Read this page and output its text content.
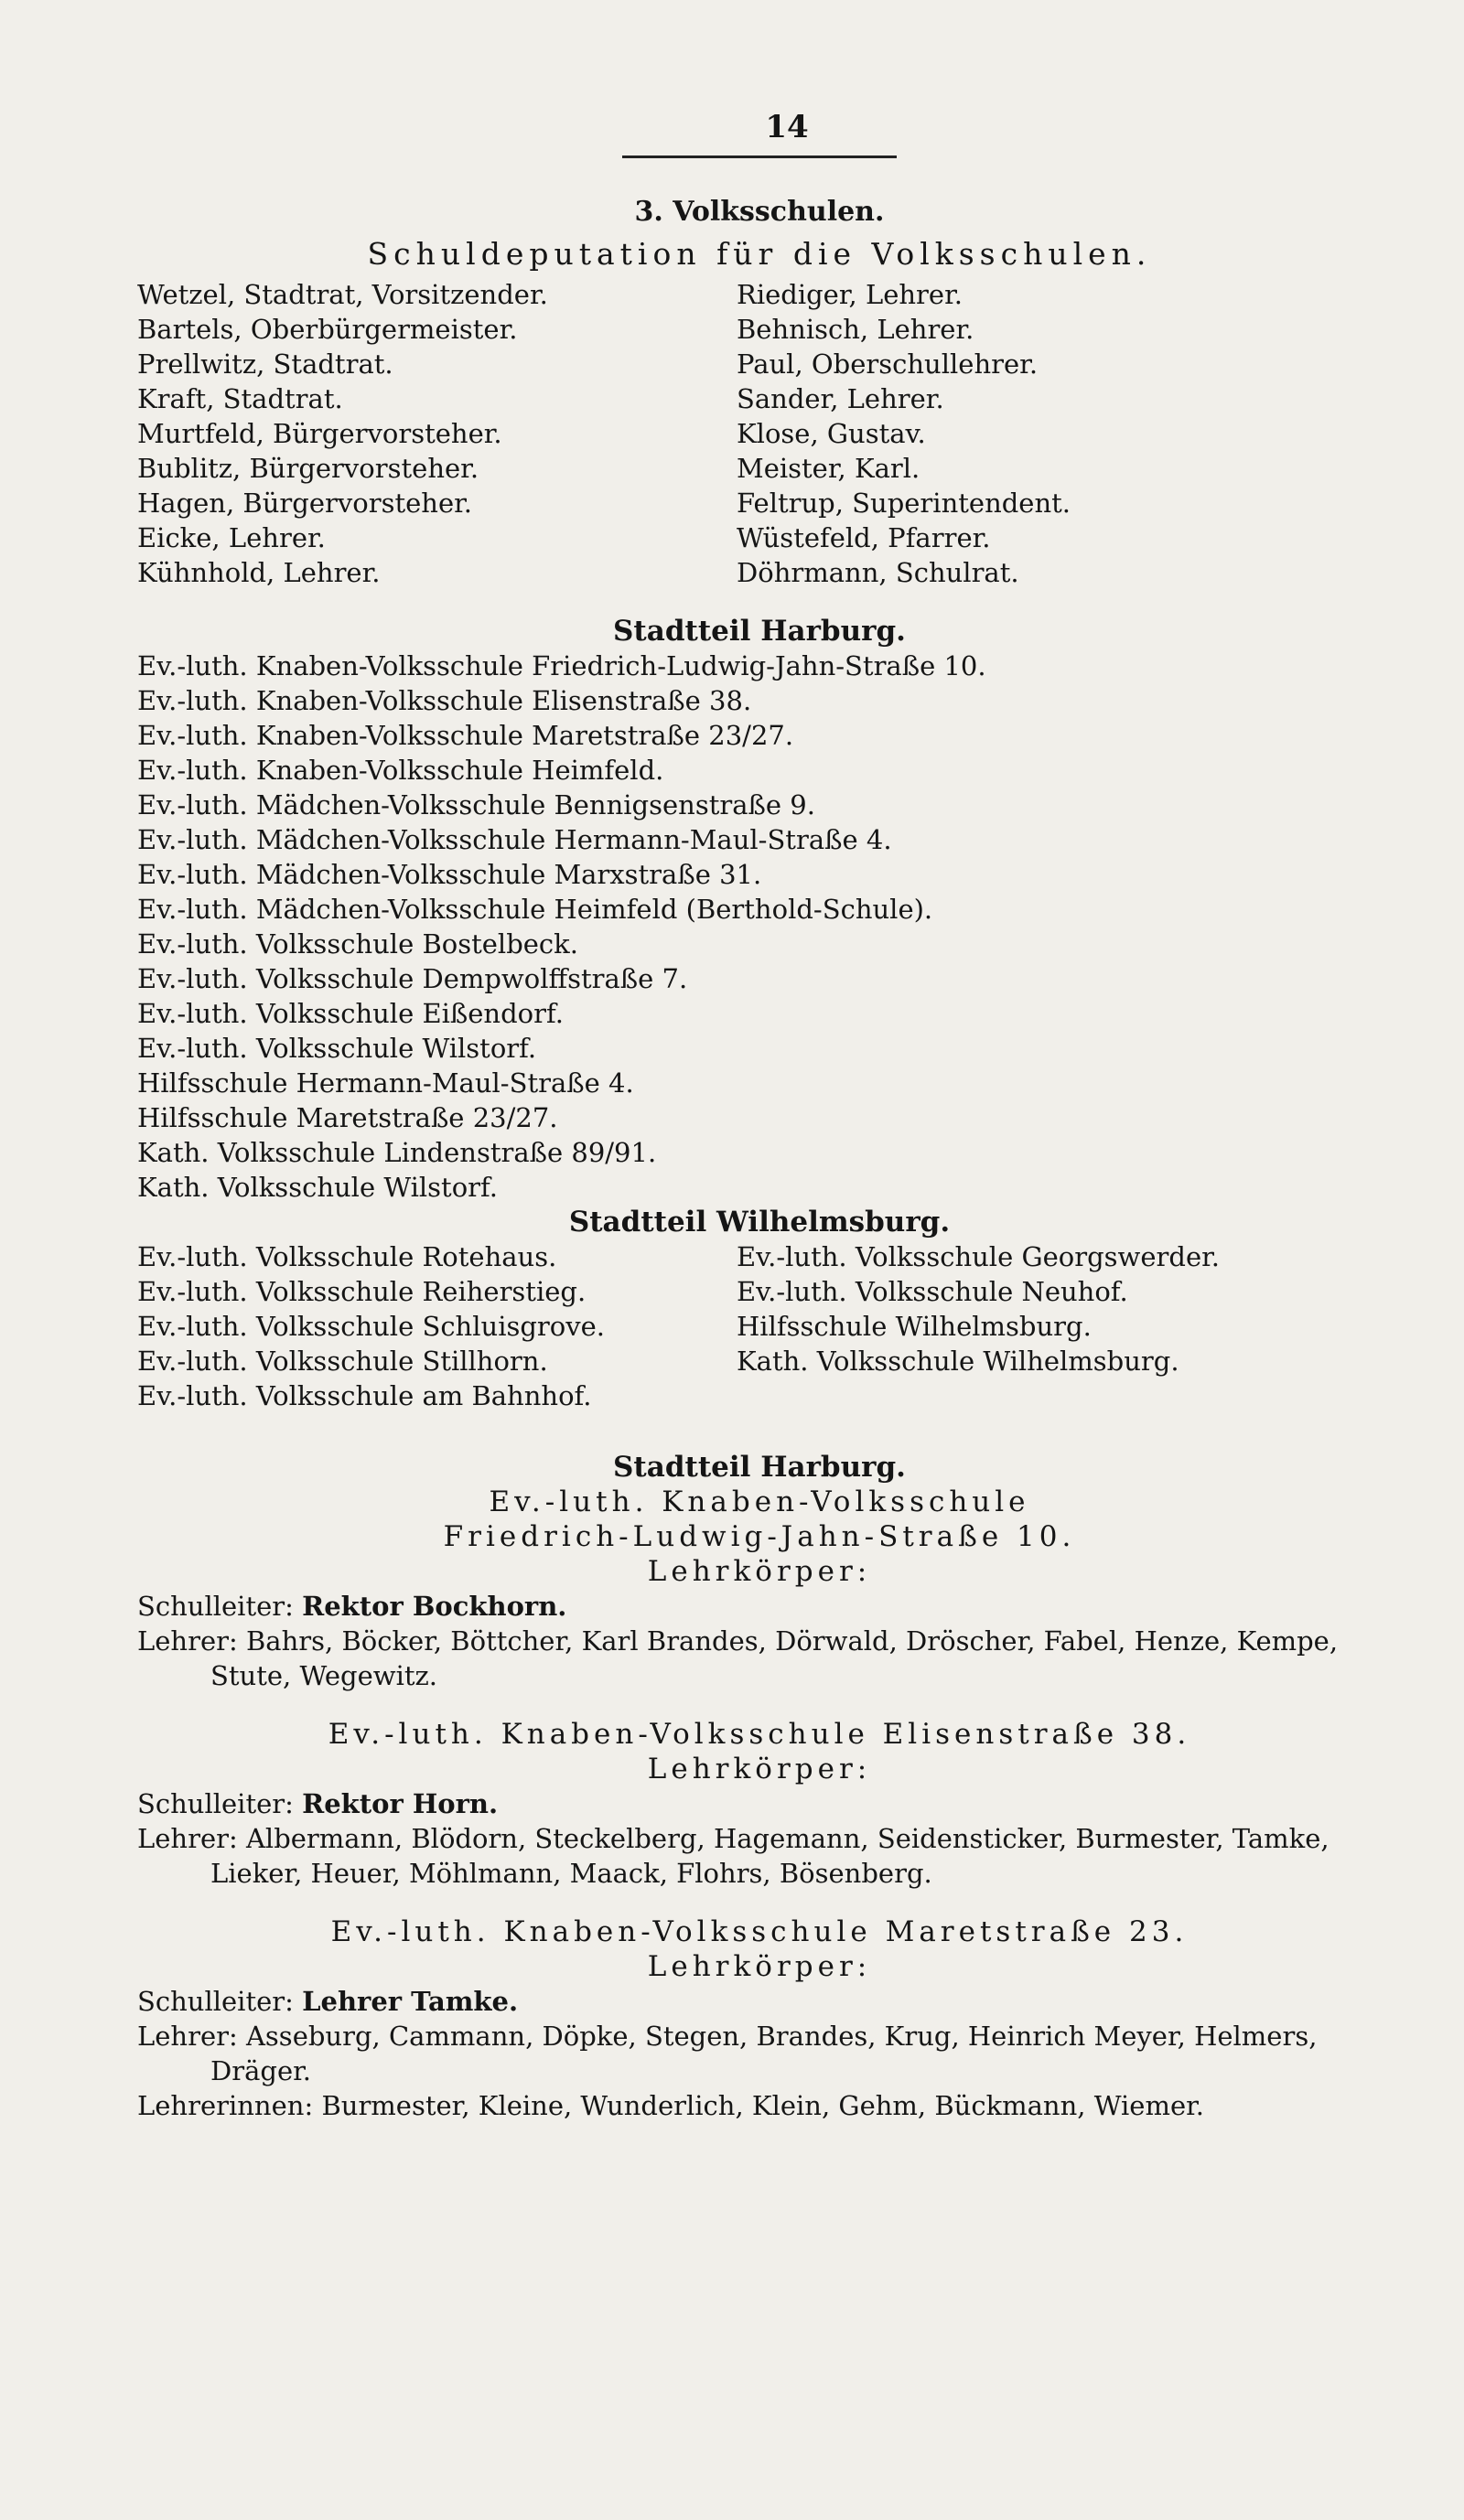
14

3. Volksschulen.

Schuldeputation für die Volksschulen.

Wetzel, Stadtrat, Vorsitzender.	Riediger, Lehrer.
Bartels, Oberbürgermeister.	Behnisch, Lehrer.
Prellwitz, Stadtrat.	Paul, Oberschullehrer.
Kraft, Stadtrat.	Sander, Lehrer.
Murtfeld, Bürgervorsteher.	Klose, Gustav.
Bublitz, Bürgervorsteher.	Meister, Karl.
Hagen, Bürgervorsteher.	Feltrup, Superintendent.
Eicke, Lehrer.	Wüstefeld, Pfarrer.
Kühnhold, Lehrer.	Döhrmann, Schulrat.

Stadtteil Harburg.

Ev.-luth. Knaben-Volksschule Friedrich-Ludwig-Jahn-Straße 10.
Ev.-luth. Knaben-Volksschule Elisenstraße 38.
Ev.-luth. Knaben-Volksschule Maretstraße 23/27.
Ev.-luth. Knaben-Volksschule Heimfeld.
Ev.-luth. Mädchen-Volksschule Bennigsenstraße 9.
Ev.-luth. Mädchen-Volksschule Hermann-Maul-Straße 4.
Ev.-luth. Mädchen-Volksschule Marxstraße 31.
Ev.-luth. Mädchen-Volksschule Heimfeld (Berthold-Schule).
Ev.-luth. Volksschule Bostelbeck.
Ev.-luth. Volksschule Dempwolffstraße 7.
Ev.-luth. Volksschule Eißendorf.
Ev.-luth. Volksschule Wilstorf.
Hilfsschule Hermann-Maul-Straße 4.
Hilfsschule Maretstraße 23/27.
Kath. Volksschule Lindenstraße 89/91.
Kath. Volksschule Wilstorf.

Stadtteil Wilhelmsburg.

Ev.-luth. Volksschule Rotehaus.	Ev.-luth. Volksschule Georgswerder.
Ev.-luth. Volksschule Reiherstieg.	Ev.-luth. Volksschule Neuhof.
Ev.-luth. Volksschule Schluisgrove.	Hilfsschule Wilhelmsburg.
Ev.-luth. Volksschule Stillhorn.	Kath. Volksschule Wilhelmsburg.
Ev.-luth. Volksschule am Bahnhof.

Stadtteil Harburg.

Ev.-luth. Knaben-Volksschule

Friedrich-Ludwig-Jahn-Straße 10.

Lehrkörper:

Schulleiter: Rektor Bockhorn.
Lehrer: Bahrs, Böcker, Böttcher, Karl Brandes, Dörwald, Dröscher, Fabel, Henze, Kempe, Stute, Wegewitz.

Ev.-luth. Knaben-Volksschule Elisenstraße 38.

Lehrkörper:

Schulleiter: Rektor Horn.
Lehrer: Albermann, Blödorn, Steckelberg, Hagemann, Seidensticker, Burmester, Tamke, Lieker, Heuer, Möhlmann, Maack, Flohrs, Bösenberg.

Ev.-luth. Knaben-Volksschule Maretstraße 23.

Lehrkörper:

Schulleiter: Lehrer Tamke.
Lehrer: Asseburg, Cammann, Döpke, Stegen, Brandes, Krug, Heinrich Meyer, Helmers, Dräger.
Lehrerinnen: Burmester, Kleine, Wunderlich, Klein, Gehm, Bückmann, Wiemer.
